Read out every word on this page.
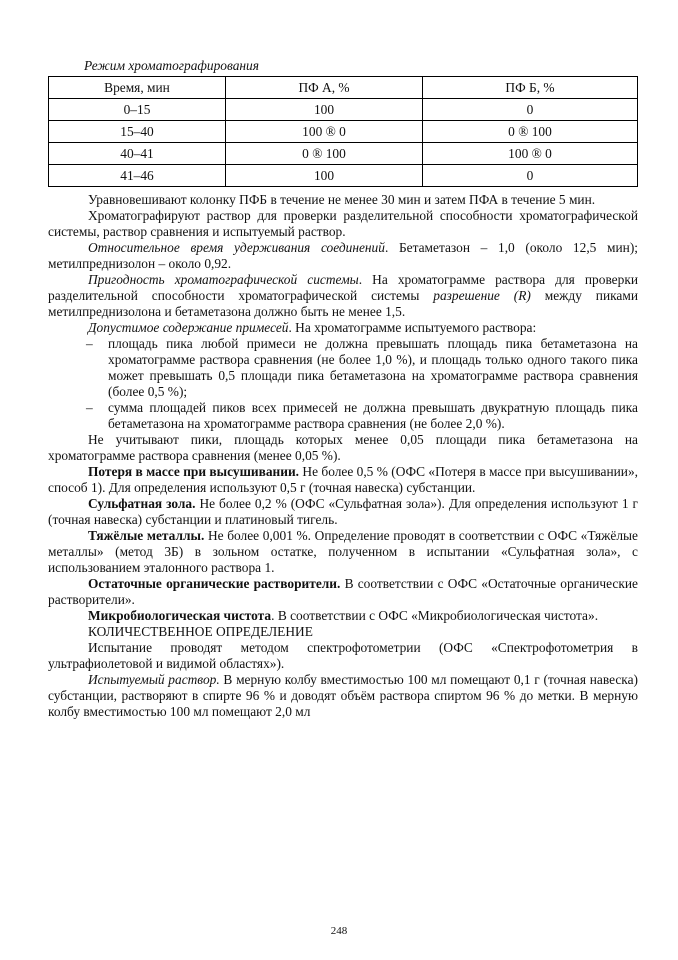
Режим хроматографирования
Время, мин	ПФ А, %	ПФ Б, %
0–15	100	0
15–40	100 ® 0	0 ® 100
40–41	0 ® 100	100 ® 0
41–46	100	0

Уравновешивают колонку ПФБ в течение не менее 30 мин и затем ПФА в течение 5 мин.

Хроматографируют раствор для проверки разделительной способности хроматографической системы, раствор сравнения и испытуемый раствор.

Относительное время удерживания соединений. Бетаметазон – 1,0 (около 12,5 мин); метилпреднизолон – около 0,92.

Пригодность хроматографической системы. На хроматограмме раствора для проверки разделительной способности хроматографической системы разрешение (R) между пиками метилпреднизолона и бетаметазона должно быть не менее 1,5.

Допустимое содержание примесей. На хроматограмме испытуемого раствора:

– площадь пика любой примеси не должна превышать площадь пика бетаметазона на хроматограмме раствора сравнения (не более 1,0 %), и площадь только одного такого пика может превышать 0,5 площади пика бетаметазона на хроматограмме раствора сравнения (более 0,5 %);
– сумма площадей пиков всех примесей не должна превышать двукратную площадь пика бетаметазона на хроматограмме раствора сравнения (не более 2,0 %).

Не учитывают пики, площадь которых менее 0,05 площади пика бетаметазона на хроматограмме раствора сравнения (менее 0,05 %).

Потеря в массе при высушивании. Не более 0,5 % (ОФС «Потеря в массе при высушивании», способ 1). Для определения используют 0,5 г (точная навеска) субстанции.

Сульфатная зола. Не более 0,2 % (ОФС «Сульфатная зола»). Для определения используют 1 г (точная навеска) субстанции и платиновый тигель.

Тяжёлые металлы. Не более 0,001 %. Определение проводят в соответствии с ОФС «Тяжёлые металлы» (метод 3Б) в зольном остатке, полученном в испытании «Сульфатная зола», с использованием эталонного раствора 1.

Остаточные органические растворители. В соответствии с ОФС «Остаточные органические растворители».

Микробиологическая чистота. В соответствии с ОФС «Микробиологическая чистота».

КОЛИЧЕСТВЕННОЕ ОПРЕДЕЛЕНИЕ

Испытание проводят методом спектрофотометрии (ОФС «Спектрофотометрия в ультрафиолетовой и видимой областях»).

Испытуемый раствор. В мерную колбу вместимостью 100 мл помещают 0,1 г (точная навеска) субстанции, растворяют в спирте 96 % и доводят объём раствора спиртом 96 % до метки. В мерную колбу вместимостью 100 мл помещают 2,0 мл

248
